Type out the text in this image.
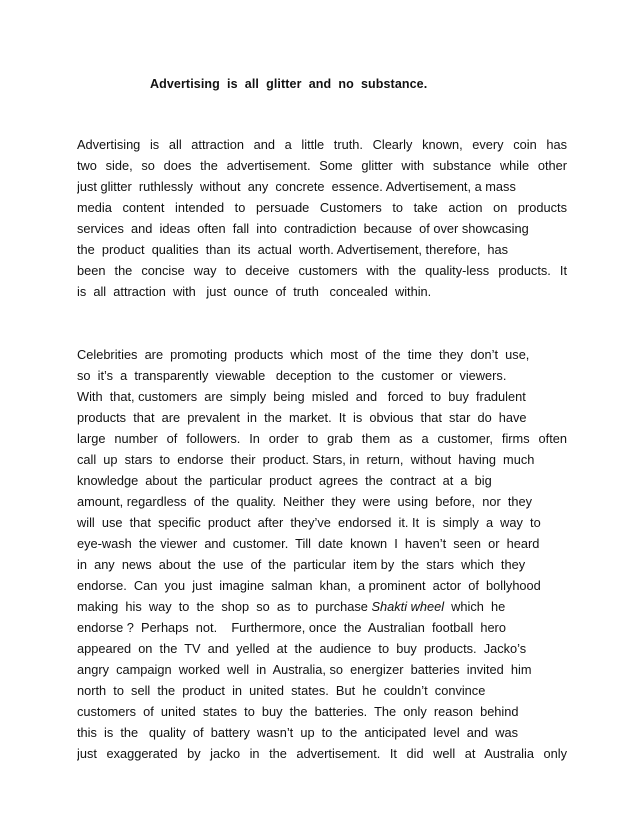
Advertising  is  all  glitter  and  no  substance.
Advertising is all attraction and a little truth. Clearly known, every coin has
two side, so does the advertisement. Some glitter with substance while other
just glitter  ruthlessly  without  any  concrete  essence. Advertisement, a mass
media content intended to persuade Customers to take action on products
services  and  ideas  often  fall  into  contradiction  because  of over showcasing
the  product  qualities  than  its  actual  worth. Advertisement, therefore,  has
been the concise way to deceive customers with the quality-less products. It
is  all  attraction  with   just  ounce  of  truth   concealed  within.
Celebrities  are  promoting  products  which  most  of  the  time  they  don’t  use,
so  it’s  a  transparently  viewable   deception  to  the  customer  or  viewers.
With  that, customers  are  simply  being  misled  and   forced  to  buy  fradulent
products  that  are  prevalent  in  the  market.  It  is  obvious  that  star  do  have
large number of followers. In order to grab them as a customer, firms often
call  up  stars  to  endorse  their  product. Stars, in  return,  without  having  much
knowledge  about  the  particular  product  agrees  the  contract  at  a  big
amount, regardless  of  the  quality.  Neither  they  were  using  before,  nor  they
will  use  that  specific  product  after  they’ve  endorsed  it. It  is  simply  a  way  to
eye-wash  the viewer  and  customer.  Till  date  known  I  haven’t  seen  or  heard
in  any  news  about  the  use  of  the  particular  item by  the  stars  which  they
endorse.  Can  you  just  imagine  salman  khan,  a prominent  actor  of  bollyhood
making  his  way  to  the  shop  so  as  to  purchase Shakti wheel  which  he
endorse ?  Perhaps  not.    Furthermore, once  the  Australian  football  hero
appeared  on  the  TV  and  yelled  at  the  audience  to  buy  products.  Jacko’s
angry  campaign  worked  well  in  Australia, so  energizer  batteries  invited  him
north  to  sell  the  product  in  united  states.  But  he  couldn’t  convince
customers  of  united  states  to  buy  the  batteries.  The  only  reason  behind
this  is  the   quality  of  battery  wasn’t  up  to  the  anticipated  level  and  was
just exaggerated by jacko in the advertisement. It did well at Australia only
